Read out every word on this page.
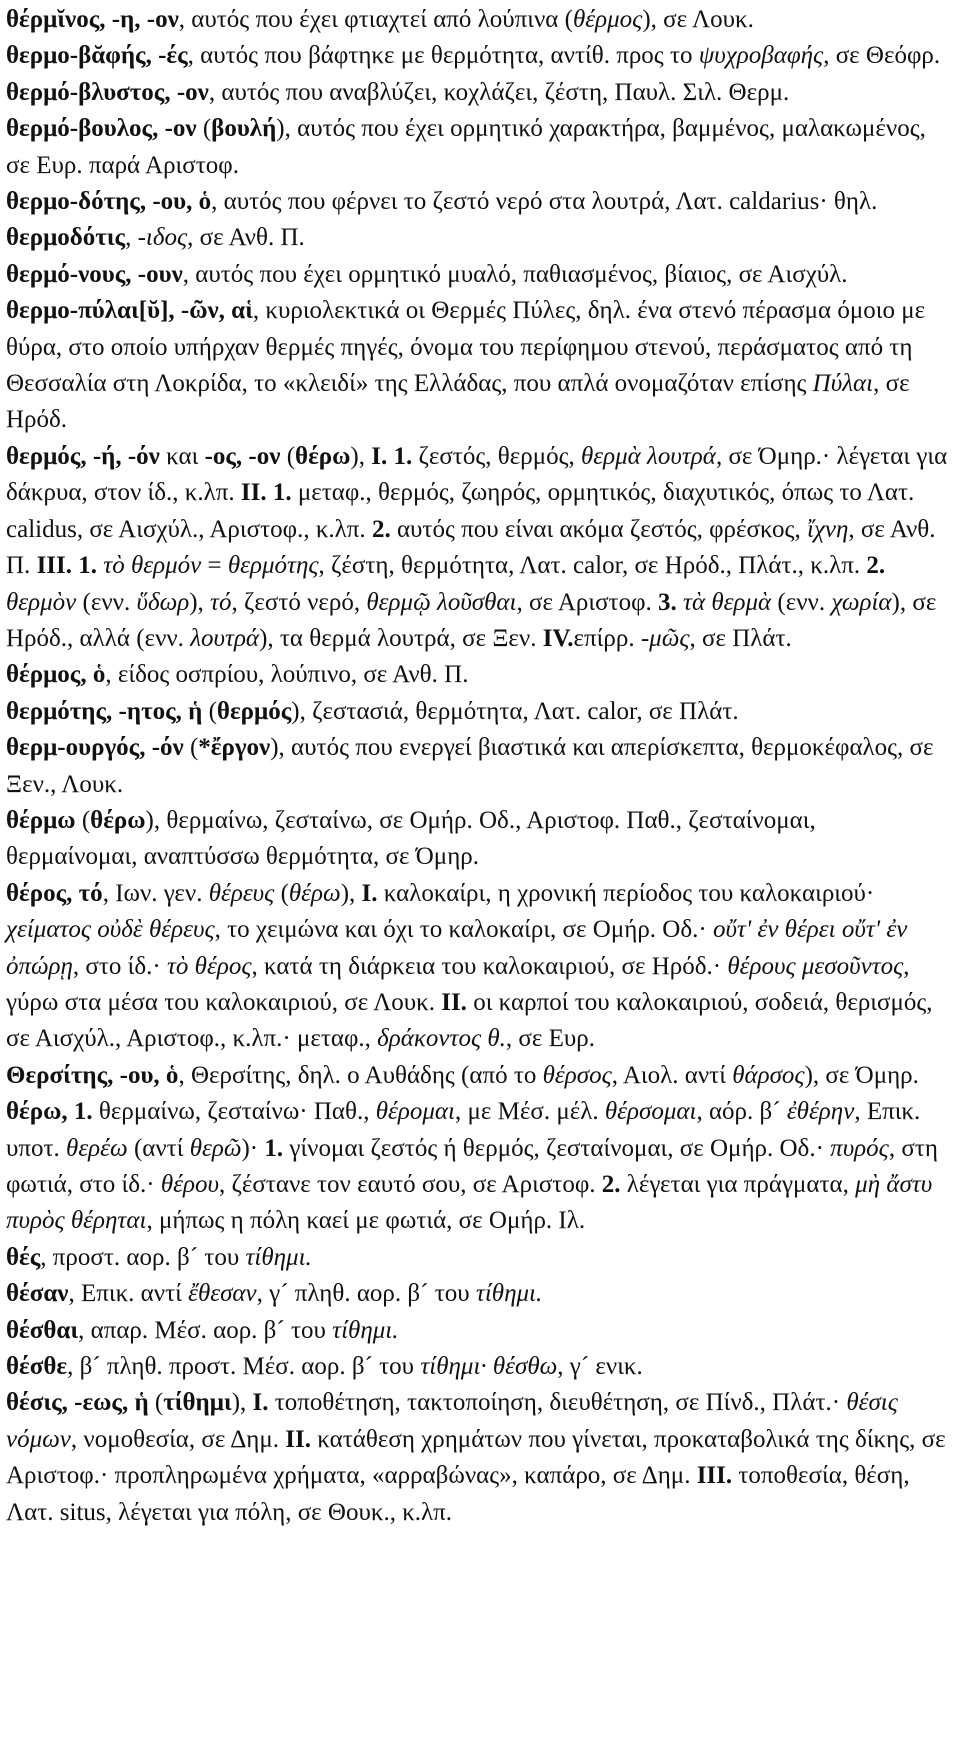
θέρμῐνος, -η, -ον, αυτός που έχει φτιαχτεί από λούπινα (θέρμος), σε Λουκ.

θερμο-βᾰφής, -ές, αυτός που βάφτηκε με θερμότητα, αντίθ. προς το ψυχροβαφής, σε Θεόφρ.

θερμό-βλυστος, -ον, αυτός που αναβλύζει, κοχλάζει, ζέστη, Παυλ. Σιλ. Θερμ.

θερμό-βουλος, -ον (βουλή), αυτός που έχει ορμητικό χαρακτήρα, βαμμένος, μαλακωμένος, σε Ευρ. παρά Αριστοφ.

θερμο-δότης, -ου, ὁ, αυτός που φέρνει το ζεστό νερό στα λουτρά, Λατ. caldarius· θηλ. θερμοδότις, -ιδος, σε Ανθ. Π.

θερμό-νους, -ουν, αυτός που έχει ορμητικό μυαλό, παθιασμένος, βίαιος, σε Αισχύλ.

θερμο-πύλαι[ῠ], -ῶν, αἱ, κυριολεκτικά οι Θερμές Πύλες, δηλ. ένα στενό πέρασμα όμοιο με θύρα, στο οποίο υπήρχαν θερμές πηγές, όνομα του περίφημου στενού, περάσματος από τη Θεσσαλία στη Λοκρίδα, το «κλειδί» της Ελλάδας, που απλά ονομαζόταν επίσης Πύλαι, σε Ηρόδ.

θερμός, -ή, -όν και -ος, -ον (θέρω), I. 1. ζεστός, θερμός, θερμὰ λουτρά, σε Όμηρ.· λέγεται για δάκρυα, στον ίδ., κ.λπ. II. 1. μεταφ., θερμός, ζωηρός, ορμητικός, διαχυτικός, όπως το Λατ. calidus, σε Αισχύλ., Αριστοφ., κ.λπ. 2. αυτός που είναι ακόμα ζεστός, φρέσκος, ἴχνη, σε Ανθ. Π. III. 1. τὸ θερμόν = θερμότης, ζέστη, θερμότητα, Λατ. calor, σε Ηρόδ., Πλάτ., κ.λπ. 2. θερμὸν (ενν. ὕδωρ), τό, ζεστό νερό, θερμῷ λοῦσθαι, σε Αριστοφ. 3. τὰ θερμὰ (ενν. χωρία), σε Ηρόδ., αλλά (ενν. λουτρά), τα θερμά λουτρά, σε Ξεν. IV.επίρρ. -μῶς, σε Πλάτ.

θέρμος, ὁ, είδος οσπρίου, λούπινο, σε Ανθ. Π.

θερμότης, -ητος, ἡ (θερμός), ζεστασιά, θερμότητα, Λατ. calor, σε Πλάτ.

θερμ-ουργός, -όν (*ἔργον), αυτός που ενεργεί βιαστικά και απερίσκεπτα, θερμοκέφαλος, σε Ξεν., Λουκ.

θέρμω (θέρω), θερμαίνω, ζεσταίνω, σε Ομήρ. Οδ., Αριστοφ. Παθ., ζεσταίνομαι, θερμαίνομαι, αναπτύσσω θερμότητα, σε Όμηρ.

θέρος, τό, Ιων. γεν. θέρευς (θέρω), I. καλοκαίρι, η χρονική περίοδος του καλοκαιριού· χείματος οὐδὲ θέρευς, το χειμώνα και όχι το καλοκαίρι, σε Ομήρ. Οδ.· οὔτ' ἐν θέρει οὔτ' ἐν ὀπώρῃ, στο ίδ.· τὸ θέρος, κατά τη διάρκεια του καλοκαιριού, σε Ηρόδ.· θέρους μεσοῦντος, γύρω στα μέσα του καλοκαιριού, σε Λουκ. II. οι καρποί του καλοκαιριού, σοδειά, θερισμός, σε Αισχύλ., Αριστοφ., κ.λπ.· μεταφ., δράκοντος θ., σε Ευρ.

Θερσίτης, -ου, ὁ, Θερσίτης, δηλ. ο Αυθάδης (από το θέρσος, Αιολ. αντί θάρσος), σε Όμηρ.

θέρω, 1. θερμαίνω, ζεσταίνω· Παθ., θέρομαι, με Μέσ. μέλ. θέρσομαι, αόρ. β´ ἐθέρην, Επικ. υποτ. θερέω (αντί θερῶ)· 1. γίνομαι ζεστός ή θερμός, ζεσταίνομαι, σε Ομήρ. Οδ.· πυρός, στη φωτιά, στο ίδ.· θέρου, ζέστανε τον εαυτό σου, σε Αριστοφ. 2. λέγεται για πράγματα, μὴ ἄστυ πυρὸς θέρηται, μήπως η πόλη καεί με φωτιά, σε Ομήρ. Ιλ.

θές, προστ. αορ. β´ του τίθημι.

θέσαν, Επικ. αντί ἔθεσαν, γ´ πληθ. αορ. β´ του τίθημι.

θέσθαι, απαρ. Μέσ. αορ. β´ του τίθημι.

θέσθε, β´ πληθ. προστ. Μέσ. αορ. β´ του τίθημι· θέσθω, γ´ ενικ.

θέσις, -εως, ἡ (τίθημι), I. τοποθέτηση, τακτοποίηση, διευθέτηση, σε Πίνδ., Πλάτ.· θέσις νόμων, νομοθεσία, σε Δημ. II. κατάθεση χρημάτων που γίνεται, προκαταβολικά της δίκης, σε Αριστοφ.· προπληρωμένα χρήματα, «αρραβώνας», καπάρο, σε Δημ. III. τοποθεσία, θέση, Λατ. situs, λέγεται για πόλη, σε Θουκ., κ.λπ.
